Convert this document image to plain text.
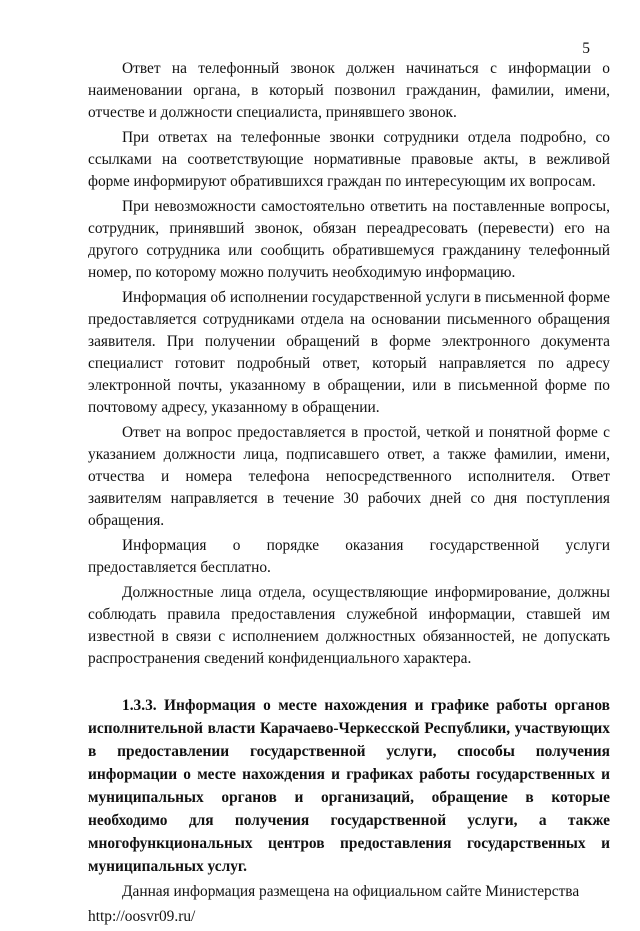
5

Ответ на телефонный звонок должен начинаться с информации о наименовании органа, в который позвонил гражданин, фамилии, имени, отчестве и должности специалиста, принявшего звонок.

При ответах на телефонные звонки сотрудники отдела подробно, со ссылками на соответствующие нормативные правовые акты, в вежливой форме информируют обратившихся граждан по интересующим их вопросам.

При невозможности самостоятельно ответить на поставленные вопросы, сотрудник, принявший звонок, обязан переадресовать (перевести) его на другого сотрудника или сообщить обратившемуся гражданину телефонный номер, по которому можно получить необходимую информацию.

Информация об исполнении государственной услуги в письменной форме предоставляется сотрудниками отдела на основании письменного обращения заявителя. При получении обращений в форме электронного документа специалист готовит подробный ответ, который направляется по адресу электронной почты, указанному в обращении, или в письменной форме по почтовому адресу, указанному в обращении.

Ответ на вопрос предоставляется в простой, четкой и понятной форме с указанием должности лица, подписавшего ответ, а также фамилии, имени, отчества и номера телефона непосредственного исполнителя. Ответ заявителям направляется в течение 30 рабочих дней со дня поступления обращения.

Информация о порядке оказания государственной услуги предоставляется бесплатно.

Должностные лица отдела, осуществляющие информирование, должны соблюдать правила предоставления служебной информации, ставшей им известной в связи с исполнением должностных обязанностей, не допускать распространения сведений конфиденциального характера.

1.3.3. Информация о месте нахождения и графике работы органов исполнительной власти Карачаево-Черкесской Республики, участвующих в предоставлении государственной услуги, способы получения информации о месте нахождения и графиках работы государственных и муниципальных органов и организаций, обращение в которые необходимо для получения государственной услуги, а также многофункциональных центров предоставления государственных и муниципальных услуг.

Данная информация размещена на официальном сайте Министерства

http://oosvr09.ru/
